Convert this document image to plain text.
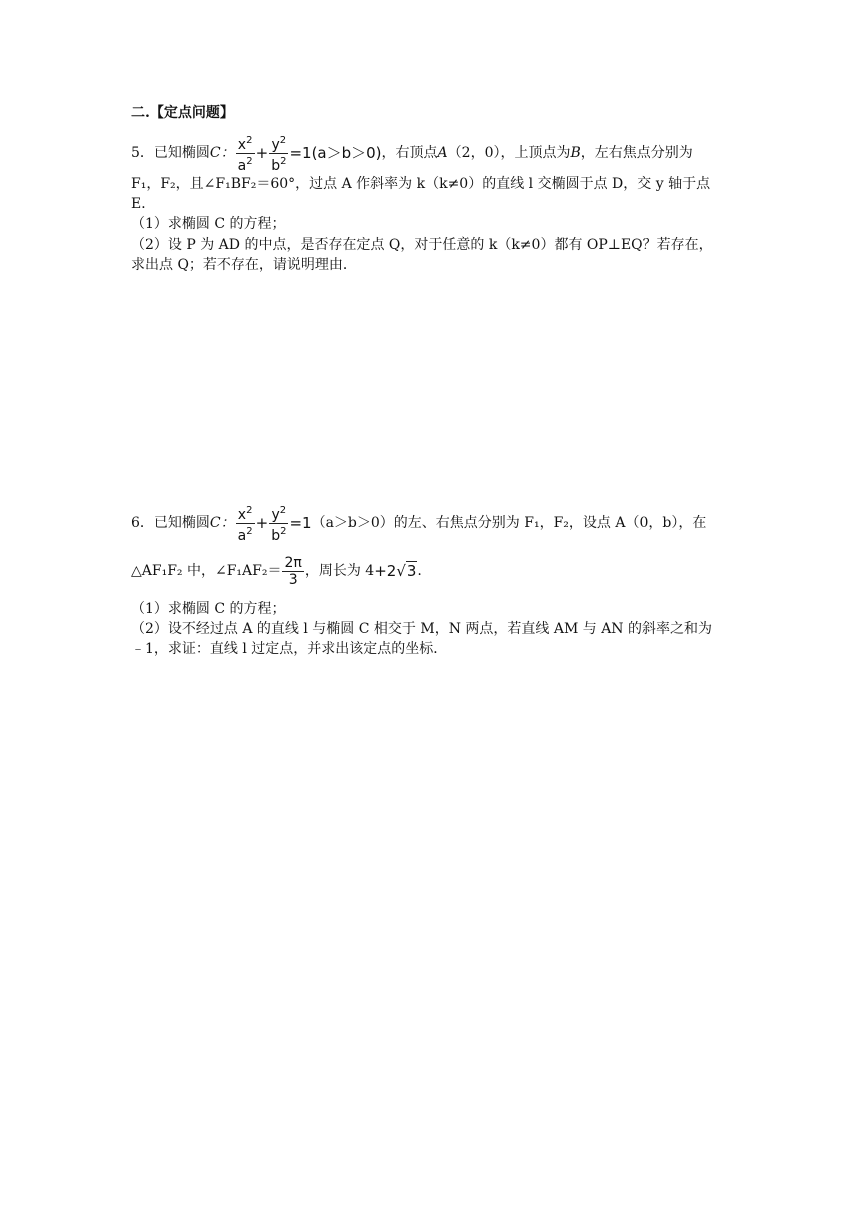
二.【定点问题】
5．已知椭圆 C： $\frac{x^2}{a^2} + \frac{y^2}{b^2} =1(a>b>0)$ ，右顶点 A （2，0），上顶点为 B ，左右焦点分别为
F₁，F₂，且∠F₁BF₂＝60°，过点 A 作斜率为 k（k≠0）的直线 l 交椭圆于点 D，交 y 轴于点
E．
（1）求椭圆 C 的方程；
（2）设 P 为 AD 的中点，是否存在定点 Q，对于任意的 k（k≠0）都有 OP⊥EQ？若存在，
求出点 Q；若不存在，请说明理由．
6．已知椭圆 C： $\frac{x^2}{a^2} + \frac{y^2}{b^2} =1$ （a＞b＞0）的左、右焦点分别为 F₁，F₂，设点 A（0，b），在
△AF₁F₂ 中，∠F₁AF₂＝ $\frac{2\pi}{3}$ ，周长为 4 +2√3 .
（1）求椭圆 C 的方程；
（2）设不经过点 A 的直线 l 与椭圆 C 相交于 M，N 两点，若直线 AM 与 AN 的斜率之和为
﹣1，求证：直线 l 过定点，并求出该定点的坐标．
